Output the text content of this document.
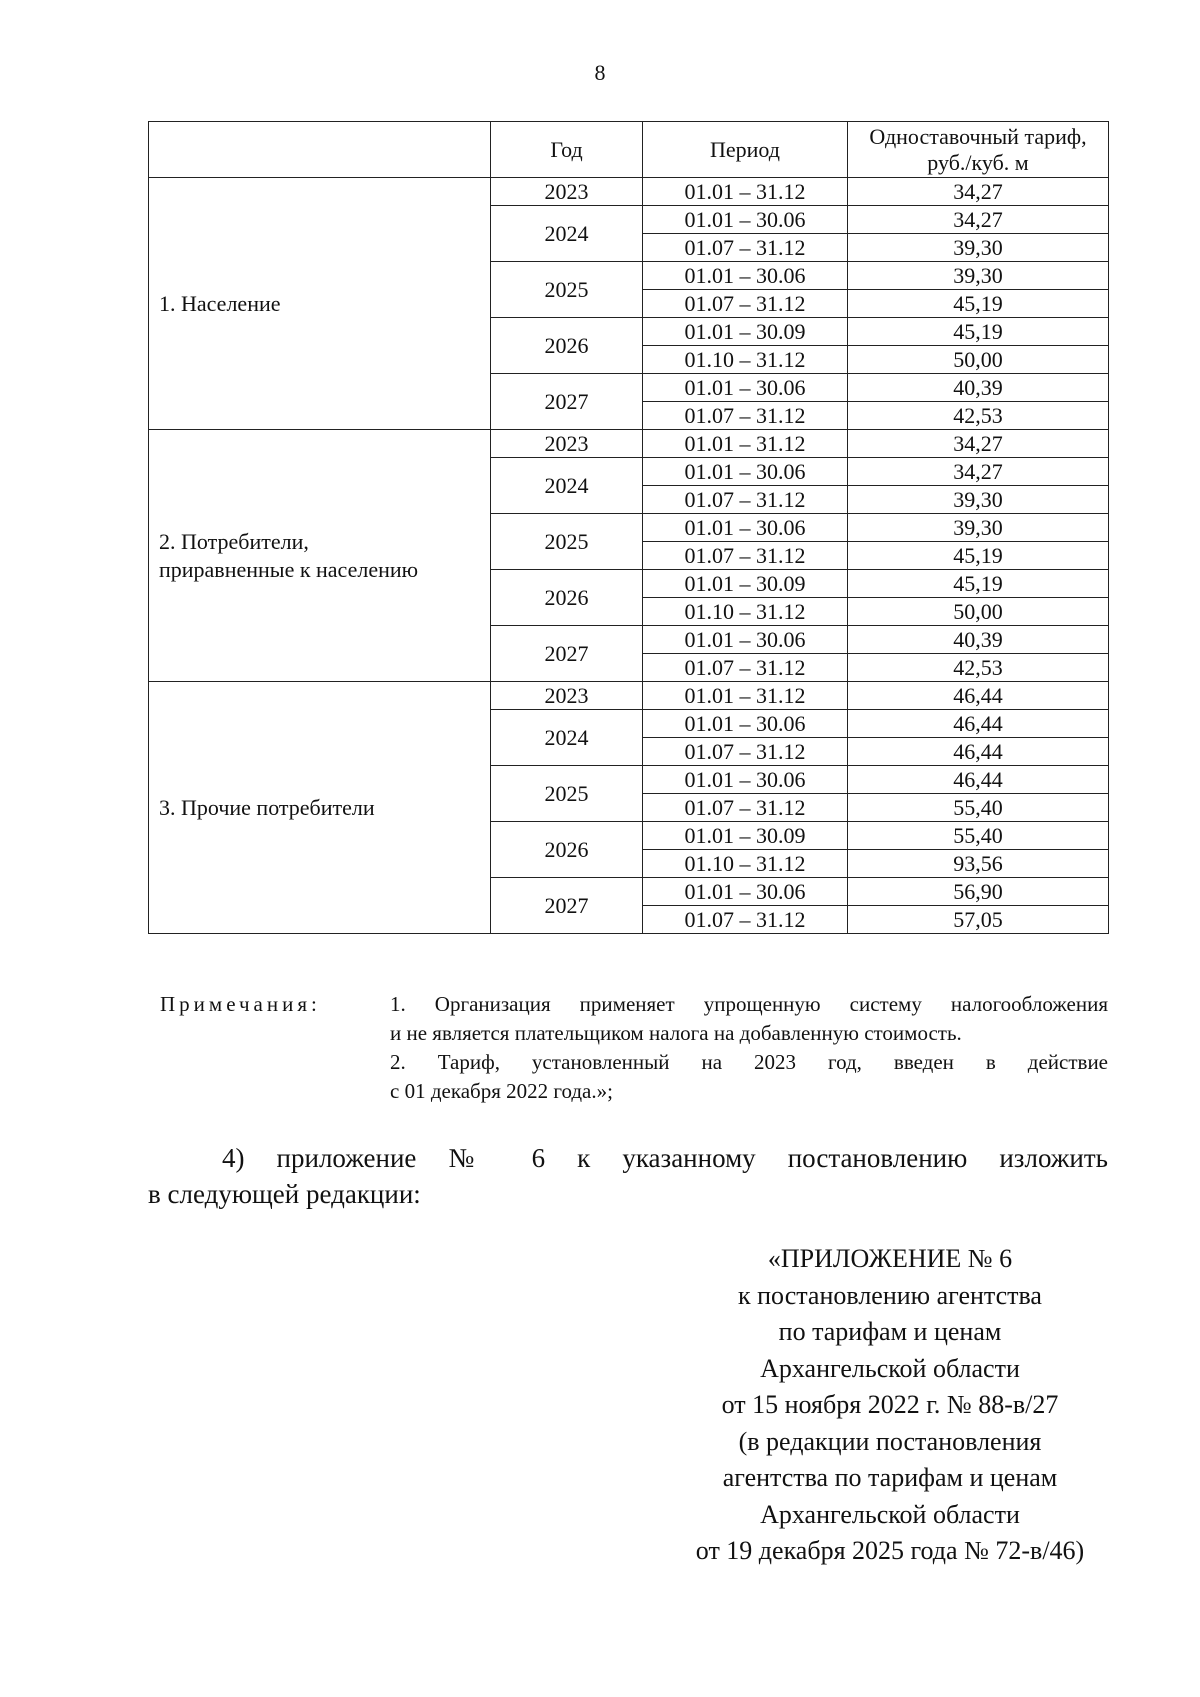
8
	Год	Период	Одноставочный тариф,
руб./куб. м
1. Население	2023	01.01 – 31.12	34,27
	2024	01.01 – 30.06	34,27
		01.07 – 31.12	39,30
	2025	01.01 – 30.06	39,30
		01.07 – 31.12	45,19
	2026	01.01 – 30.09	45,19
		01.10 – 31.12	50,00
	2027	01.01 – 30.06	40,39
		01.07 – 31.12	42,53
2. Потребители,
приравненные к населению	2023	01.01 – 31.12	34,27
	2024	01.01 – 30.06	34,27
		01.07 – 31.12	39,30
	2025	01.01 – 30.06	39,30
		01.07 – 31.12	45,19
	2026	01.01 – 30.09	45,19
		01.10 – 31.12	50,00
	2027	01.01 – 30.06	40,39
		01.07 – 31.12	42,53
3. Прочие потребители	2023	01.01 – 31.12	46,44
	2024	01.01 – 30.06	46,44
		01.07 – 31.12	46,44
	2025	01.01 – 30.06	46,44
		01.07 – 31.12	55,40
	2026	01.01 – 30.09	55,40
		01.10 – 31.12	93,56
	2027	01.01 – 30.06	56,90
		01.07 – 31.12	57,05
Примечания:	1. Организация применяет упрощенную систему налогообложения

и не является плательщиком налога на добавленную стоимость.

2. Тариф, установленный на 2023 год, введен в действие

с 01 декабря 2022 года.»;

4) приложение № 6 к указанному постановлению изложить
в следующей редакции:
«ПРИЛОЖЕНИЕ № 6
к постановлению агентства
по тарифам и ценам
Архангельской области
от 15 ноября 2022 г. № 88-в/27
(в редакции постановления
агентства по тарифам и ценам
Архангельской области
от 19 декабря 2025 года № 72-в/46)
